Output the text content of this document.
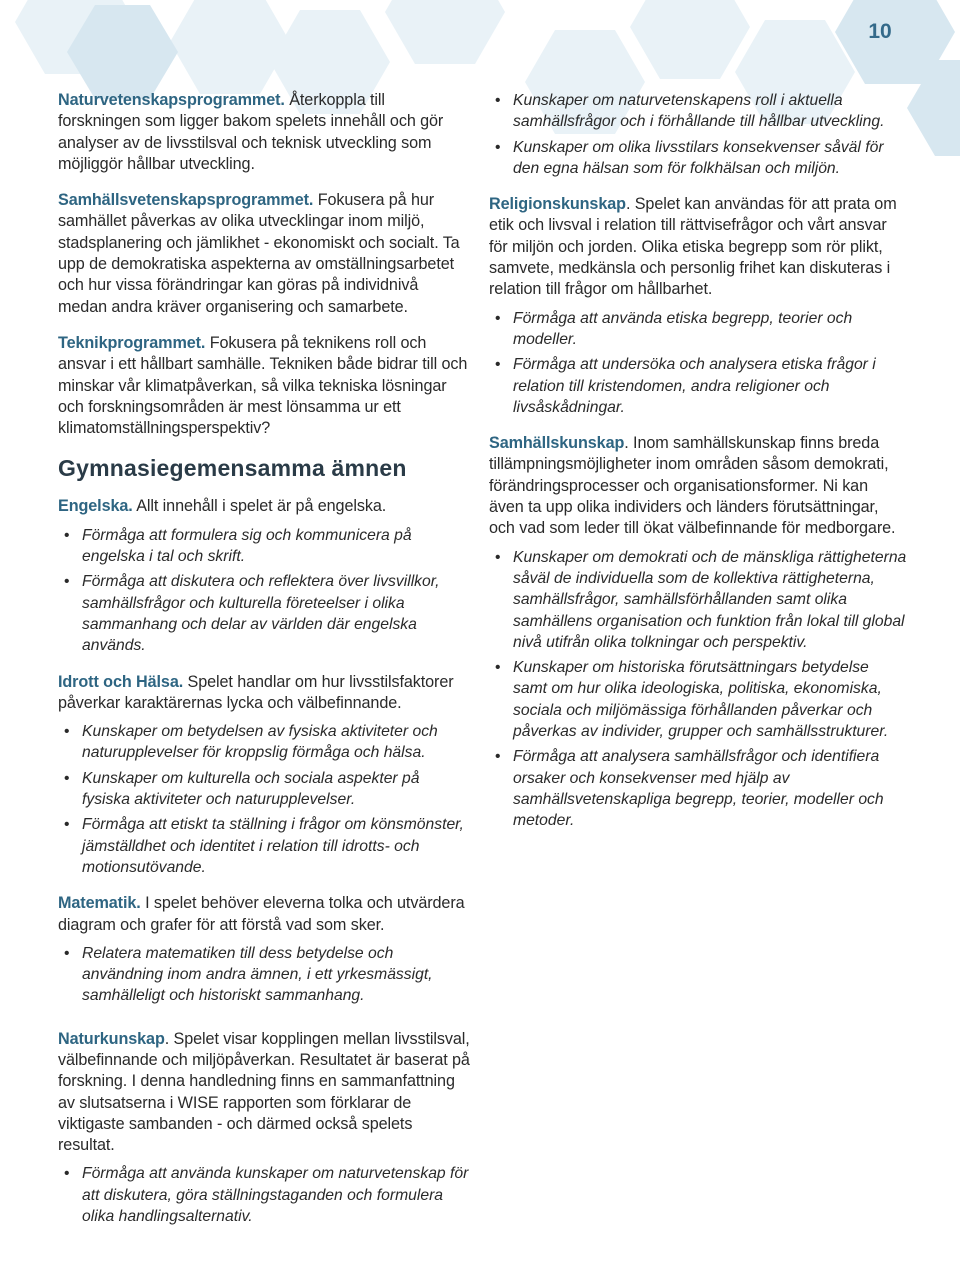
10

Naturvetenskapsprogrammet. Återkoppla till forskningen som ligger bakom spelets innehåll och gör analyser av de livsstilsval och teknisk utveckling som möjliggör hållbar utveckling.

Samhällsvetenskapsprogrammet. Fokusera på hur samhället påverkas av olika utvecklingar inom miljö, stadsplanering och jämlikhet - ekonomiskt och socialt. Ta upp de demokratiska aspekterna av omställningsarbetet och hur vissa förändringar kan göras på individnivå medan andra kräver organisering och samarbete.

Teknikprogrammet. Fokusera på teknikens roll och ansvar i ett hållbart samhälle. Tekniken både bidrar till och minskar vår klimatpåverkan, så vilka tekniska lösningar och forskningsområden är mest lönsamma ur ett klimatomställningsperspektiv?

Gymnasiegemensamma ämnen

Engelska. Allt innehåll i spelet är på engelska.

• Förmåga att formulera sig och kommunicera på engelska i tal och skrift.
• Förmåga att diskutera och reflektera över livsvillkor, samhällsfrågor och kulturella företeelser i olika sammanhang och delar av världen där engelska används.

Idrott och Hälsa. Spelet handlar om hur livsstilsfaktorer påverkar karaktärernas lycka och välbefinnande.

• Kunskaper om betydelsen av fysiska aktiviteter och naturupplevelser för kroppslig förmåga och hälsa.
• Kunskaper om kulturella och sociala aspekter på fysiska aktiviteter och naturupplevelser.
• Förmåga att etiskt ta ställning i frågor om könsmönster, jämställdhet och identitet i relation till idrotts- och motionsutövande.

Matematik. I spelet behöver eleverna tolka och utvärdera diagram och grafer för att förstå vad som sker.

• Relatera matematiken till dess betydelse och användning inom andra ämnen, i ett yrkesmässigt, samhälleligt och historiskt sammanhang.

Naturkunskap. Spelet visar kopplingen mellan livsstilsval, välbefinnande och miljöpåverkan. Resultatet är baserat på forskning. I denna handledning finns en sammanfattning av slutsatserna i WISE rapporten som förklarar de viktigaste sambanden - och därmed också spelets resultat.

• Förmåga att använda kunskaper om naturvetenskap för att diskutera, göra ställningstaganden och formulera olika handlingsalternativ.
• Kunskaper om naturvetenskapens roll i aktuella samhällsfrågor och i förhållande till hållbar utveckling.
• Kunskaper om olika livsstilars konsekvenser såväl för den egna hälsan som för folkhälsan och miljön.

Religionskunskap. Spelet kan användas för att prata om etik och livsval i relation till rättvisefrågor och vårt ansvar för miljön och jorden. Olika etiska begrepp som rör plikt, samvete, medkänsla och personlig frihet kan diskuteras i relation till frågor om hållbarhet.

• Förmåga att använda etiska begrepp, teorier och modeller.
• Förmåga att undersöka och analysera etiska frågor i relation till kristendomen, andra religioner och livsåskådningar.

Samhällskunskap. Inom samhällskunskap finns breda tillämpningsmöjligheter inom områden såsom demokrati, förändringsprocesser och organisationsformer. Ni kan även ta upp olika individers och länders förutsättningar, och vad som leder till ökat välbefinnande för medborgare.

• Kunskaper om demokrati och de mänskliga rättigheterna såväl de individuella som de kollektiva rättigheterna, samhällsfrågor, samhällsförhållanden samt olika samhällens organisation och funktion från lokal till global nivå utifrån olika tolkningar och perspektiv.
• Kunskaper om historiska förutsättningars betydelse samt om hur olika ideologiska, politiska, ekonomiska, sociala och miljömässiga förhållanden påverkar och påverkas av individer, grupper och samhällsstrukturer.
• Förmåga att analysera samhällsfrågor och identifiera orsaker och konsekvenser med hjälp av samhällsvetenskapliga begrepp, teorier, modeller och metoder.
